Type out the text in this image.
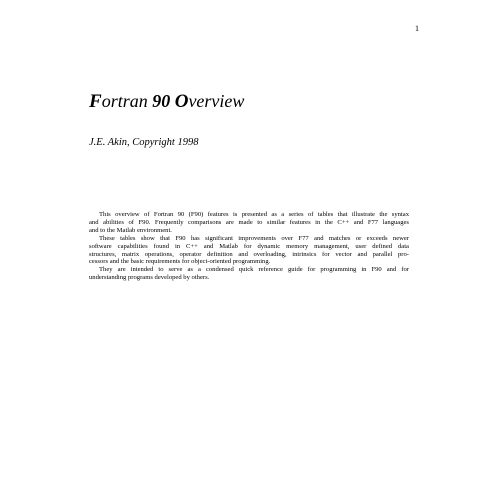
1
Fortran 90 Overview
J.E. Akin, Copyright 1998
This overview of Fortran 90 (F90) features is presented as a series of tables that illustrate the syntax
and abilities of F90. Frequently comparisons are made to similar features in the C++ and F77 languages
and to the Matlab environment.
These tables show that F90 has significant improvements over F77 and matches or exceeds newer
software capabilities found in C++ and Matlab for dynamic memory management, user defined data
structures, matrix operations, operator definition and overloading, intrinsics for vector and parallel pro-
cessors and the basic requirements for object-oriented programming.
They are intended to serve as a condensed quick reference guide for programming in F90 and for
understanding programs developed by others.
